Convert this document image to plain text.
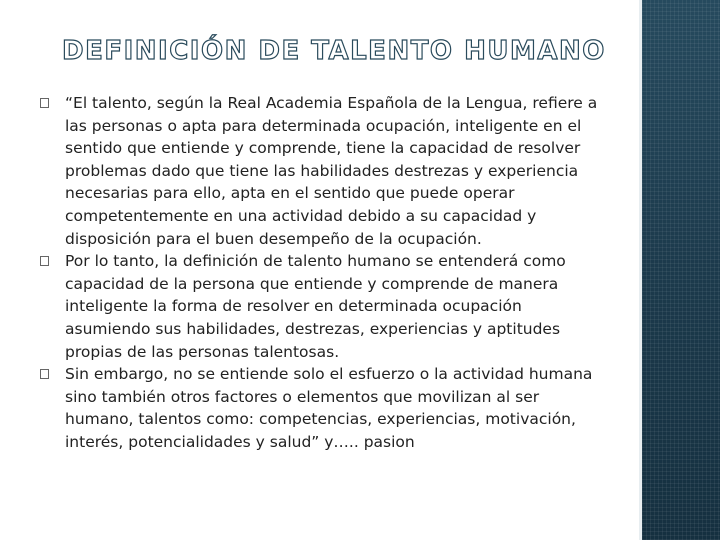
DEFINICIÓN DE TALENTO HUMANO

“El talento, según la Real Academia Española de la Lengua, refiere a las personas o apta para determinada ocupación, inteligente en el sentido que entiende y comprende, tiene la capacidad de resolver problemas dado que tiene las habilidades destrezas y experiencia necesarias para ello, apta en el sentido que puede operar competentemente en una actividad debido a su capacidad y disposición para el buen desempeño de la ocupación.

Por lo tanto, la definición de talento humano se entenderá como capacidad de la persona que entiende y comprende de manera inteligente la forma de resolver en determinada ocupación asumiendo sus habilidades, destrezas, experiencias y aptitudes propias de las personas talentosas.

Sin embargo, no se entiende solo el esfuerzo o la actividad humana sino también otros factores o elementos que movilizan al ser humano, talentos como: competencias, experiencias, motivación, interés, potencialidades y salud” y….. pasion
